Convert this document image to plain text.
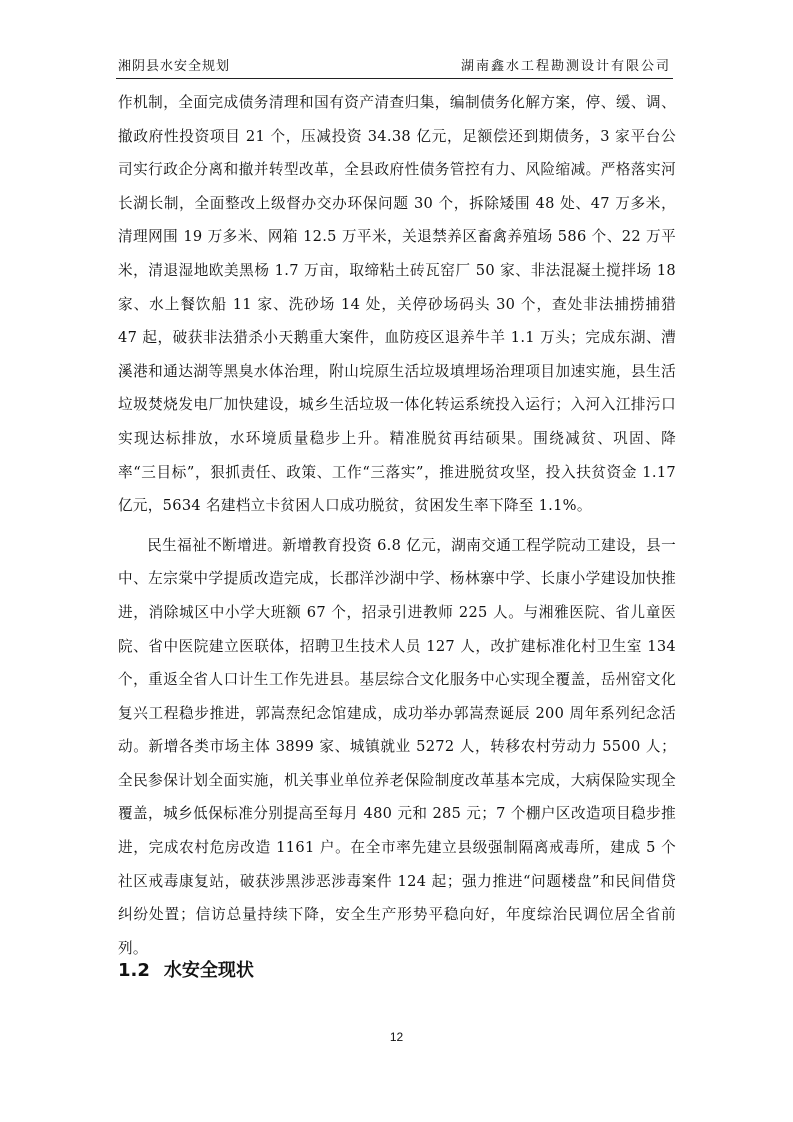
湘阴县水安全规划	湖南鑫水工程勘测设计有限公司

作机制，全面完成债务清理和国有资产清查归集，编制债务化解方案，停、缓、调、撤政府性投资项目 21 个，压减投资 34.38 亿元，足额偿还到期债务，3 家平台公司实行政企分离和撤并转型改革，全县政府性债务管控有力、风险缩减。严格落实河长湖长制，全面整改上级督办交办环保问题 30 个，拆除矮围 48 处、47 万多米，清理网围 19 万多米、网箱 12.5 万平米，关退禁养区畜禽养殖场 586 个、22 万平米，清退湿地欧美黑杨 1.7 万亩，取缔粘土砖瓦窑厂 50 家、非法混凝土搅拌场 18 家、水上餐饮船 11 家、洗砂场 14 处，关停砂场码头 30 个，查处非法捕捞捕猎 47 起，破获非法猎杀小天鹅重大案件，血防疫区退养牛羊 1.1 万头；完成东湖、漕溪港和通达湖等黑臭水体治理，附山垸原生活垃圾填埋场治理项目加速实施，县生活垃圾焚烧发电厂加快建设，城乡生活垃圾一体化转运系统投入运行；入河入江排污口实现达标排放，水环境质量稳步上升。精准脱贫再结硕果。围绕减贫、巩固、降率“三目标”，狠抓责任、政策、工作“三落实”，推进脱贫攻坚，投入扶贫资金 1.17 亿元，5634 名建档立卡贫困人口成功脱贫，贫困发生率下降至 1.1%。

民生福祉不断增进。新增教育投资 6.8 亿元，湖南交通工程学院动工建设，县一中、左宗棠中学提质改造完成，长郡洋沙湖中学、杨林寨中学、长康小学建设加快推进，消除城区中小学大班额 67 个，招录引进教师 225 人。与湘雅医院、省儿童医院、省中医院建立医联体，招聘卫生技术人员 127 人，改扩建标准化村卫生室 134 个，重返全省人口计生工作先进县。基层综合文化服务中心实现全覆盖，岳州窑文化复兴工程稳步推进，郭嵩焘纪念馆建成，成功举办郭嵩焘诞辰 200 周年系列纪念活动。新增各类市场主体 3899 家、城镇就业 5272 人，转移农村劳动力 5500 人；全民参保计划全面实施，机关事业单位养老保险制度改革基本完成，大病保险实现全覆盖，城乡低保标准分别提高至每月 480 元和 285 元；7 个棚户区改造项目稳步推进，完成农村危房改造 1161 户。在全市率先建立县级强制隔离戒毒所，建成 5 个社区戒毒康复站，破获涉黑涉恶涉毒案件 124 起；强力推进“问题楼盘”和民间借贷纠纷处置；信访总量持续下降，安全生产形势平稳向好，年度综治民调位居全省前列。

1.2 水安全现状
12
